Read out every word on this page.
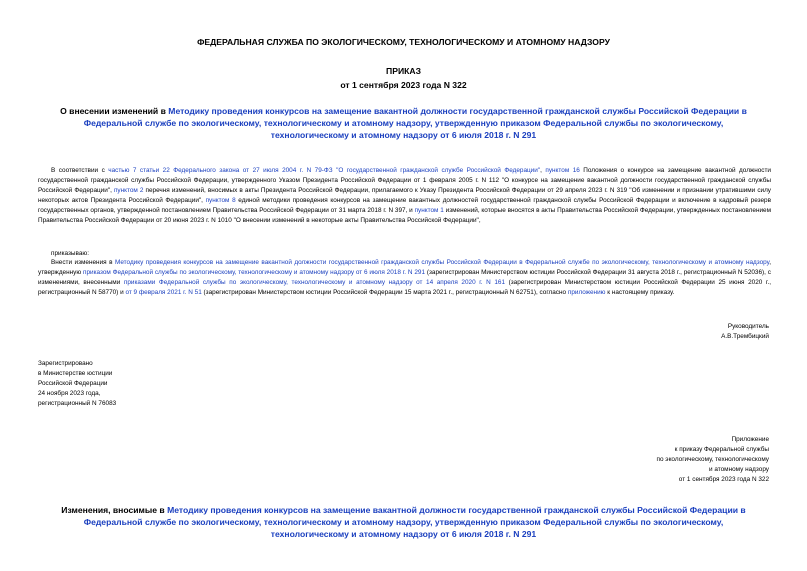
ФЕДЕРАЛЬНАЯ СЛУЖБА ПО ЭКОЛОГИЧЕСКОМУ, ТЕХНОЛОГИЧЕСКОМУ И АТОМНОМУ НАДЗОРУ
ПРИКАЗ
от 1 сентября 2023 года N 322
О внесении изменений в Методику проведения конкурсов на замещение вакантной должности государственной гражданской службы Российской Федерации в Федеральной службе по экологическому, технологическому и атомному надзору, утвержденную приказом Федеральной службы по экологическому, технологическому и атомному надзору от 6 июля 2018 г. N 291
В соответствии с частью 7 статьи 22 Федерального закона от 27 июля 2004 г. N 79-ФЗ "О государственной гражданской службе Российской Федерации", пунктом 16 Положения о конкурсе на замещение вакантной должности государственной гражданской службы Российской Федерации, утвержденного Указом Президента Российской Федерации от 1 февраля 2005 г. N 112 "О конкурсе на замещение вакантной должности государственной гражданской службы Российской Федерации", пунктом 2 перечня изменений, вносимых в акты Президента Российской Федерации, прилагаемого к Указу Президента Российской Федерации от 29 апреля 2023 г. N 319 "Об изменении и признании утратившими силу некоторых актов Президента Российской Федерации", пунктом 8 единой методики проведения конкурсов на замещение вакантных должностей государственной гражданской службы Российской Федерации и включение в кадровый резерв государственных органов, утвержденной постановлением Правительства Российской Федерации от 31 марта 2018 г. N 397, и пунктом 1 изменений, которые вносятся в акты Правительства Российской Федерации, утвержденных постановлением Правительства Российской Федерации от 20 июня 2023 г. N 1010 "О внесении изменений в некоторые акты Правительства Российской Федерации",
приказываю:
Внести изменения в Методику проведения конкурсов на замещение вакантной должности государственной гражданской службы Российской Федерации в Федеральной службе по экологическому, технологическому и атомному надзору, утвержденную приказом Федеральной службы по экологическому, технологическому и атомному надзору от 6 июля 2018 г. N 291 (зарегистрирован Министерством юстиции Российской Федерации 31 августа 2018 г., регистрационный N 52036), с изменениями, внесенными приказами Федеральной службы по экологическому, технологическому и атомному надзору от 14 апреля 2020 г. N 161 (зарегистрирован Министерством юстиции Российской Федерации 25 июня 2020 г., регистрационный N 58770) и от 9 февраля 2021 г. N 51 (зарегистрирован Министерством юстиции Российской Федерации 15 марта 2021 г., регистрационный N 62751), согласно приложению к настоящему приказу.
Руководитель
А.В.Трембицкий
Зарегистрировано
в Министерстве юстиции
Российской Федерации
24 ноября 2023 года,
регистрационный N 76083
Приложение
к приказу Федеральной службы
по экологическому, технологическому
и атомному надзору
от 1 сентября 2023 года N 322
Изменения, вносимые в Методику проведения конкурсов на замещение вакантной должности государственной гражданской службы Российской Федерации в Федеральной службе по экологическому, технологическому и атомному надзору, утвержденную приказом Федеральной службы по экологическому, технологическому и атомному надзору от 6 июля 2018 г. N 291
